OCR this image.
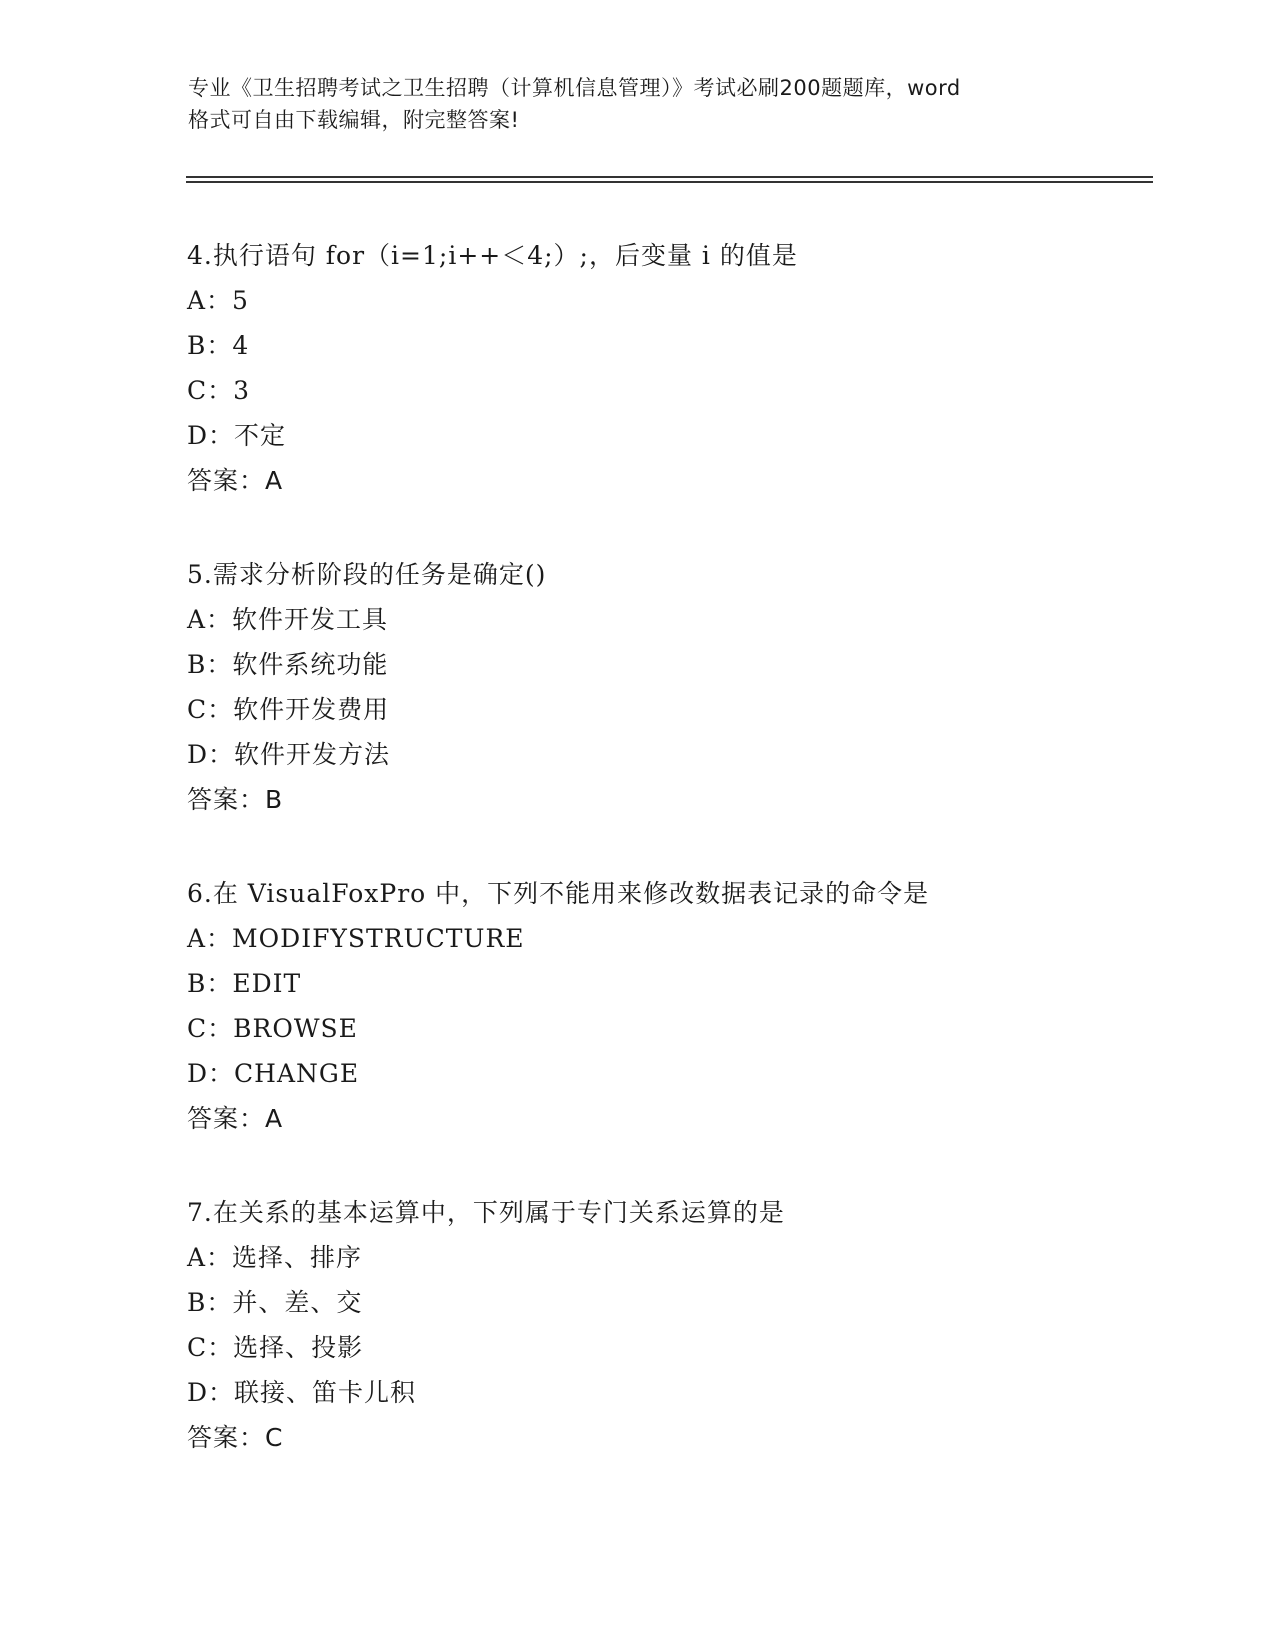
专业《卫生招聘考试之卫生招聘（计算机信息管理）》考试必刷200题题库，word
格式可自由下载编辑，附完整答案!
4.执行语句 for（i=1;i++＜4;）;，后变量 i 的值是
A：5
B：4
C：3
D：不定
答案：A
5.需求分析阶段的任务是确定()
A：软件开发工具
B：软件系统功能
C：软件开发费用
D：软件开发方法
答案：B
6.在 VisualFoxPro 中，下列不能用来修改数据表记录的命令是
A：MODIFYSTRUCTURE
B：EDIT
C：BROWSE
D：CHANGE
答案：A
7.在关系的基本运算中，下列属于专门关系运算的是
A：选择、排序
B：并、差、交
C：选择、投影
D：联接、笛卡儿积
答案：C
